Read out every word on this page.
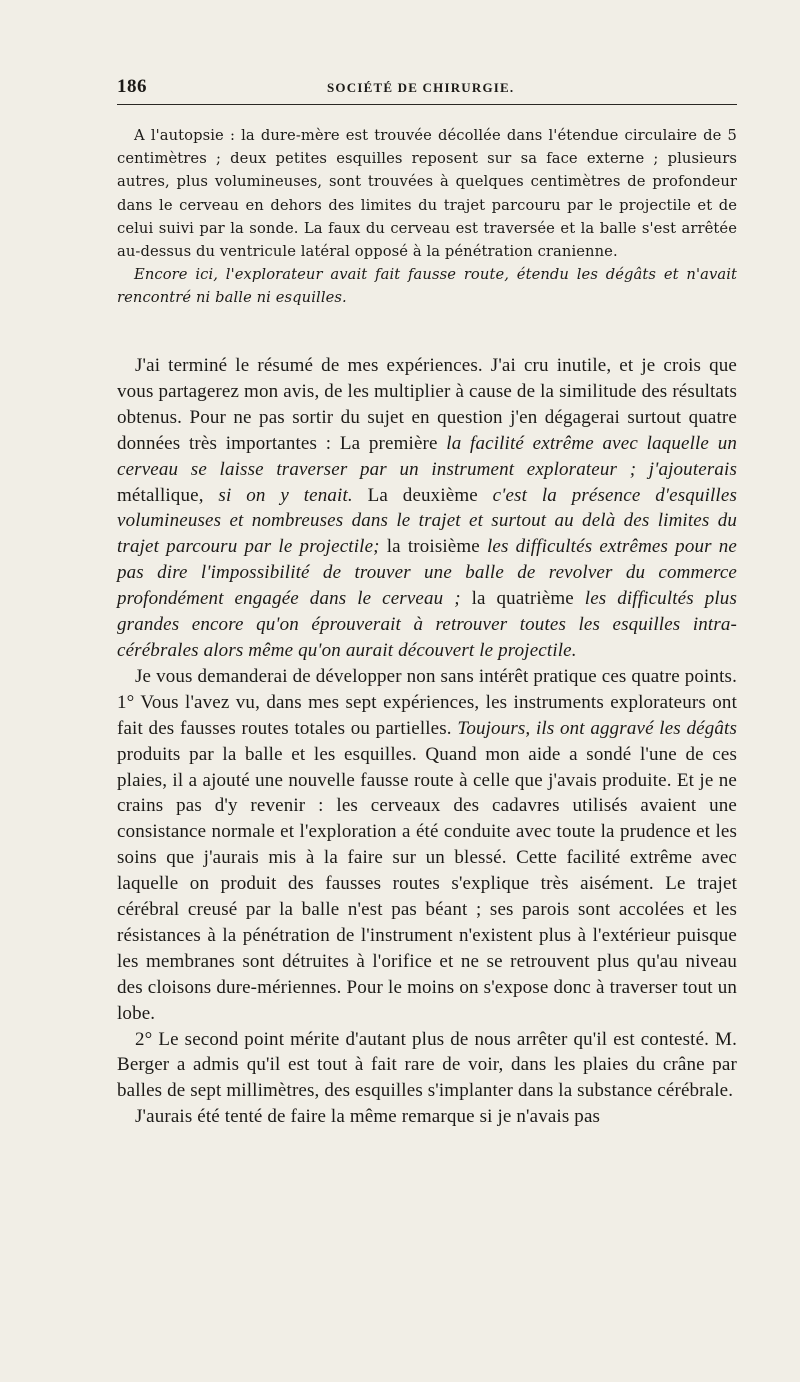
186	SOCIÉTÉ DE CHIRURGIE.

A l'autopsie : la dure-mère est trouvée décollée dans l'étendue circulaire de 5 centimètres ; deux petites esquilles reposent sur sa face externe ; plusieurs autres, plus volumineuses, sont trouvées à quelques centimètres de profondeur dans le cerveau en dehors des limites du trajet parcouru par le projectile et de celui suivi par la sonde. La faux du cerveau est traversée et la balle s'est arrêtée au-dessus du ventricule latéral opposé à la pénétration cranienne.

Encore ici, l'explorateur avait fait fausse route, étendu les dégâts et n'avait rencontré ni balle ni esquilles.

J'ai terminé le résumé de mes expériences. J'ai cru inutile, et je crois que vous partagerez mon avis, de les multiplier à cause de la similitude des résultats obtenus. Pour ne pas sortir du sujet en question j'en dégagerai surtout quatre données très importantes : La première la facilité extrême avec laquelle un cerveau se laisse traverser par un instrument explorateur ; j'ajouterais métallique, si on y tenait. La deuxième c'est la présence d'esquilles volumineuses et nombreuses dans le trajet et surtout au delà des limites du trajet parcouru par le projectile; la troisième les difficultés extrêmes pour ne pas dire l'impossibilité de trouver une balle de revolver du commerce profondément engagée dans le cerveau ; la quatrième les difficultés plus grandes encore qu'on éprouverait à retrouver toutes les esquilles intra-cérébrales alors même qu'on aurait découvert le projectile.

Je vous demanderai de développer non sans intérêt pratique ces quatre points. 1° Vous l'avez vu, dans mes sept expériences, les instruments explorateurs ont fait des fausses routes totales ou partielles. Toujours, ils ont aggravé les dégâts produits par la balle et les esquilles. Quand mon aide a sondé l'une de ces plaies, il a ajouté une nouvelle fausse route à celle que j'avais produite. Et je ne crains pas d'y revenir : les cerveaux des cadavres utilisés avaient une consistance normale et l'exploration a été conduite avec toute la prudence et les soins que j'aurais mis à la faire sur un blessé. Cette facilité extrême avec laquelle on produit des fausses routes s'explique très aisément. Le trajet cérébral creusé par la balle n'est pas béant ; ses parois sont accolées et les résistances à la pénétration de l'instrument n'existent plus à l'extérieur puisque les membranes sont détruites à l'orifice et ne se retrouvent plus qu'au niveau des cloisons dure-mériennes. Pour le moins on s'expose donc à traverser tout un lobe.

2° Le second point mérite d'autant plus de nous arrêter qu'il est contesté. M. Berger a admis qu'il est tout à fait rare de voir, dans les plaies du crâne par balles de sept millimètres, des esquilles s'implanter dans la substance cérébrale.

J'aurais été tenté de faire la même remarque si je n'avais pas
